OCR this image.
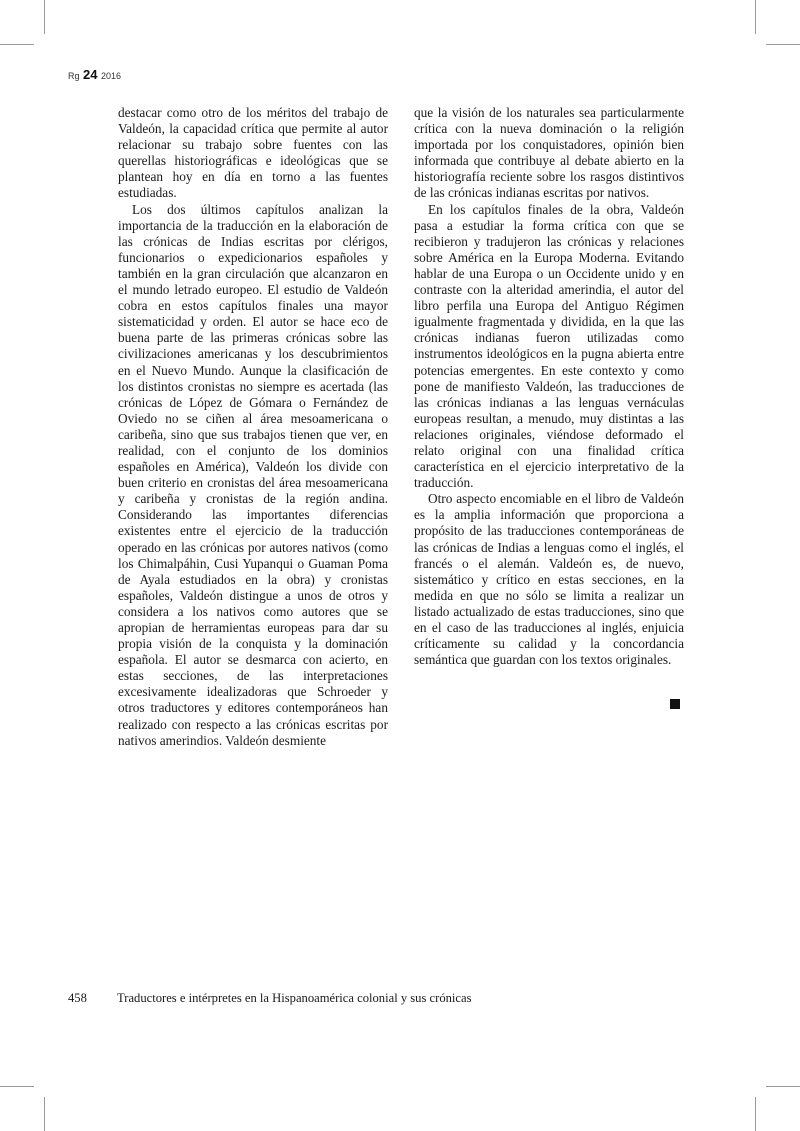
Rg 24 2016

destacar como otro de los méritos del trabajo de Valdeón, la capacidad crítica que permite al autor relacionar su trabajo sobre fuentes con las querellas historiográficas e ideológicas que se plantean hoy en día en torno a las fuentes estudiadas.

Los dos últimos capítulos analizan la importancia de la traducción en la elaboración de las crónicas de Indias escritas por clérigos, funcionarios o expedicionarios españoles y también en la gran circulación que alcanzaron en el mundo letrado europeo. El estudio de Valdeón cobra en estos capítulos finales una mayor sistematicidad y orden. El autor se hace eco de buena parte de las primeras crónicas sobre las civilizaciones americanas y los descubrimientos en el Nuevo Mundo. Aunque la clasificación de los distintos cronistas no siempre es acertada (las crónicas de López de Gómara o Fernández de Oviedo no se ciñen al área mesoamericana o caribeña, sino que sus trabajos tienen que ver, en realidad, con el conjunto de los dominios españoles en América), Valdeón los divide con buen criterio en cronistas del área mesoamericana y caribeña y cronistas de la región andina. Considerando las importantes diferencias existentes entre el ejercicio de la traducción operado en las crónicas por autores nativos (como los Chimalpáhin, Cusi Yupanqui o Guaman Poma de Ayala estudiados en la obra) y cronistas españoles, Valdeón distingue a unos de otros y considera a los nativos como autores que se apropian de herramientas europeas para dar su propia visión de la conquista y la dominación española. El autor se desmarca con acierto, en estas secciones, de las interpretaciones excesivamente idealizadoras que Schroeder y otros traductores y editores contemporáneos han realizado con respecto a las crónicas escritas por nativos amerindios. Valdeón desmiente

que la visión de los naturales sea particularmente crítica con la nueva dominación o la religión importada por los conquistadores, opinión bien informada que contribuye al debate abierto en la historiografía reciente sobre los rasgos distintivos de las crónicas indianas escritas por nativos.

En los capítulos finales de la obra, Valdeón pasa a estudiar la forma crítica con que se recibieron y tradujeron las crónicas y relaciones sobre América en la Europa Moderna. Evitando hablar de una Europa o un Occidente unido y en contraste con la alteridad amerindia, el autor del libro perfila una Europa del Antiguo Régimen igualmente fragmentada y dividida, en la que las crónicas indianas fueron utilizadas como instrumentos ideológicos en la pugna abierta entre potencias emergentes. En este contexto y como pone de manifiesto Valdeón, las traducciones de las crónicas indianas a las lenguas vernáculas europeas resultan, a menudo, muy distintas a las relaciones originales, viéndose deformado el relato original con una finalidad crítica característica en el ejercicio interpretativo de la traducción.

Otro aspecto encomiable en el libro de Valdeón es la amplia información que proporciona a propósito de las traducciones contemporáneas de las crónicas de Indias a lenguas como el inglés, el francés o el alemán. Valdeón es, de nuevo, sistemático y crítico en estas secciones, en la medida en que no sólo se limita a realizar un listado actualizado de estas traducciones, sino que en el caso de las traducciones al inglés, enjuicia críticamente su calidad y la concordancia semántica que guardan con los textos originales.

458 Traductores e intérpretes en la Hispanoamérica colonial y sus crónicas
